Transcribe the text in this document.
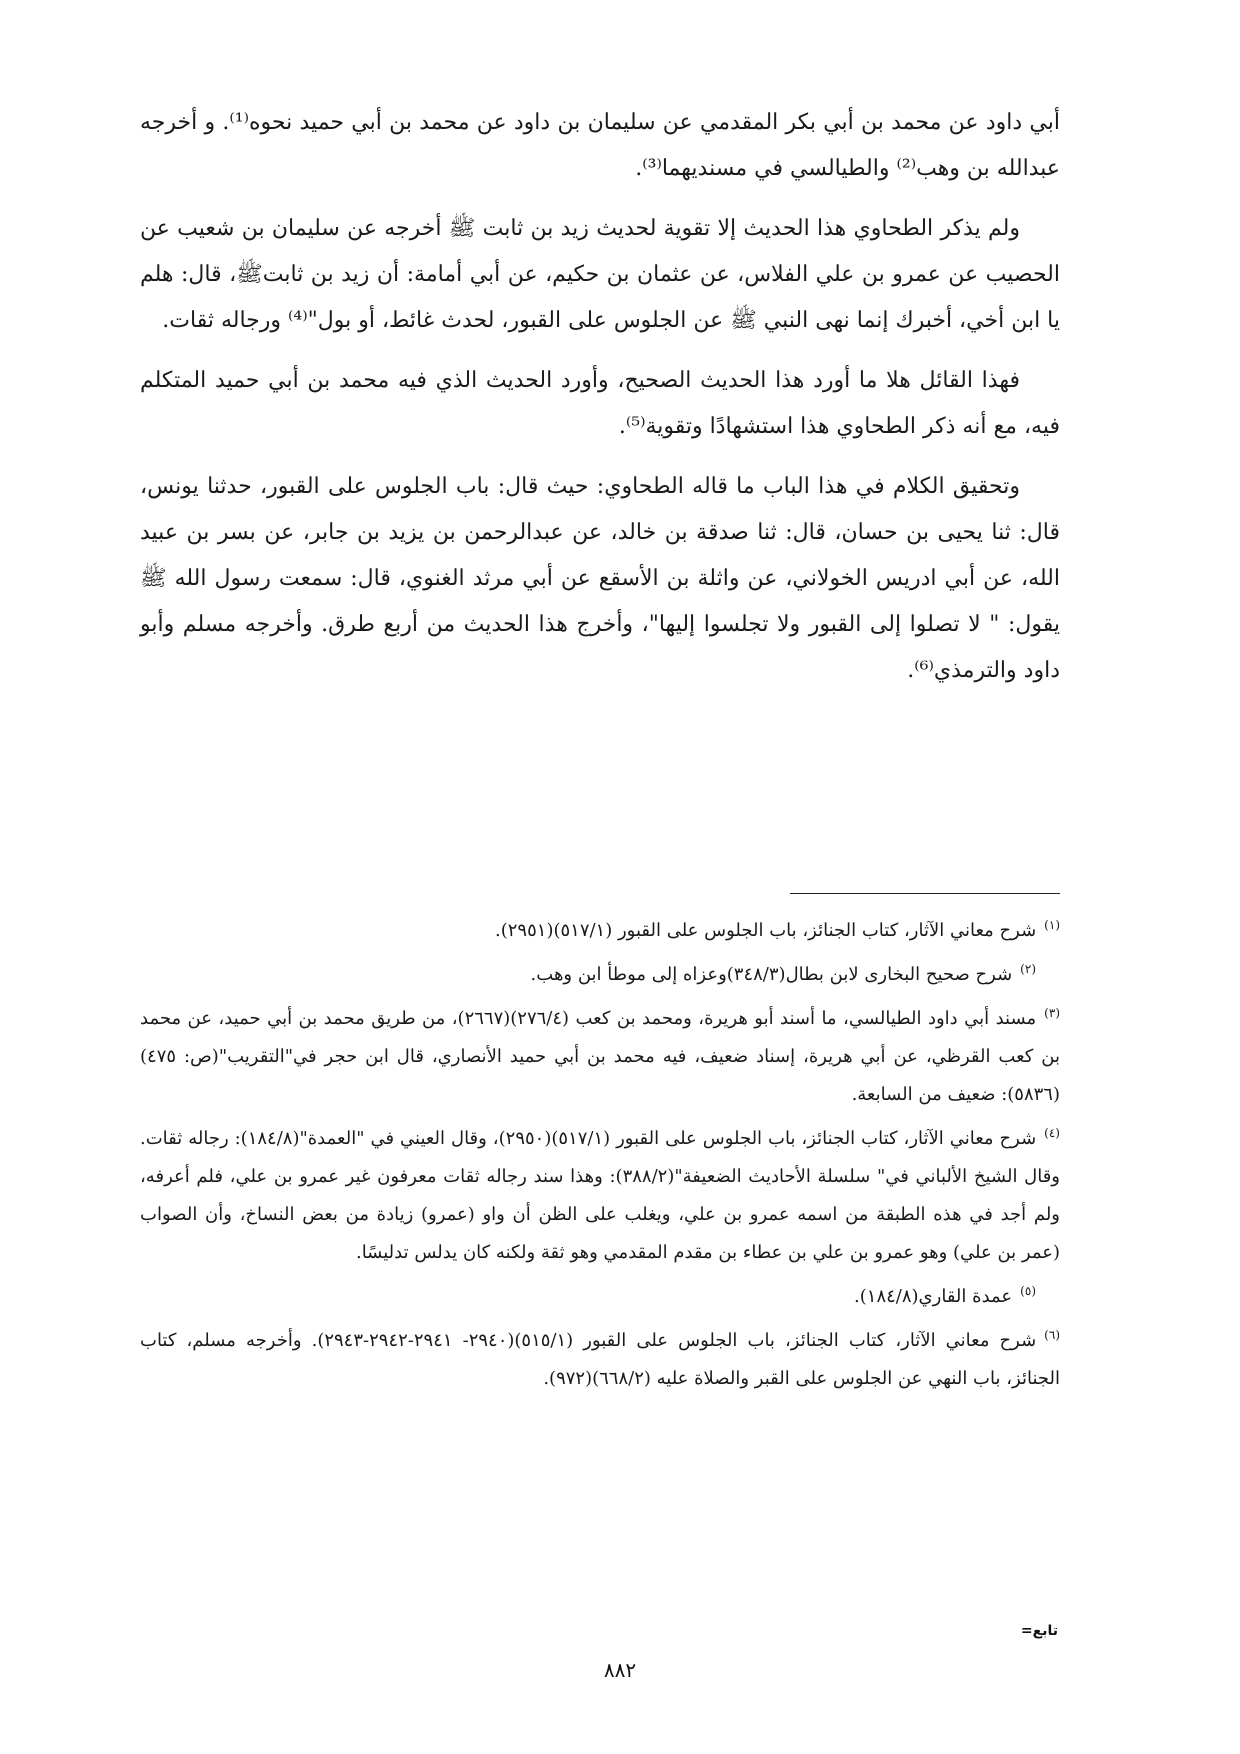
أبي داود عن محمد بن أبي بكر المقدمي عن سليمان بن داود عن محمد بن أبي حميد نحوه⁽¹⁾. و أخرجه عبدالله بن وهب⁽²⁾ والطيالسي في مسنديهما⁽³⁾.

ولم يذكر الطحاوي هذا الحديث إلا تقوية لحديث زيد بن ثابت ﷺ أخرجه عن سليمان بن شعيب عن الحصيب عن عمرو بن علي الفلاس، عن عثمان بن حكيم، عن أبي أمامة: أن زيد بن ثابتﷺ، قال: هلم يا ابن أخي، أخبرك إنما نهى النبي ﷺ عن الجلوس على القبور، لحدث غائط، أو بول"⁽⁴⁾ ورجاله ثقات.

فهذا القائل هلا ما أورد هذا الحديث الصحيح، وأورد الحديث الذي فيه محمد بن أبي حميد المتكلم فيه، مع أنه ذكر الطحاوي هذا استشهادًا وتقوية⁽⁵⁾.

وتحقيق الكلام في هذا الباب ما قاله الطحاوي: حيث قال: باب الجلوس على القبور، حدثنا يونس، قال: ثنا يحيى بن حسان، قال: ثنا صدقة بن خالد، عن عبدالرحمن بن يزيد بن جابر، عن بسر بن عبيد الله، عن أبي ادريس الخولاني، عن واثلة بن الأسقع عن أبي مرثد الغنوي، قال: سمعت رسول الله ﷺ يقول: " لا تصلوا إلى القبور ولا تجلسوا إليها"، وأخرج هذا الحديث من أربع طرق. وأخرجه مسلم وأبو داود والترمذي⁽⁶⁾.

(١)شرح معاني الآثار، كتاب الجنائز، باب الجلوس على القبور (٥١٧/١)(٢٩٥١).
(٢)شرح صحيح البخارى لابن بطال(٣٤٨/٣)وعزاه إلى موطأ ابن وهب.
(٣)مسند أبي داود الطيالسي، ما أسند أبو هريرة، ومحمد بن كعب (٢٧٦/٤)(٢٦٦٧)، من طريق محمد بن أبي حميد، عن محمد بن كعب القرظي، عن أبي هريرة، إسناد ضعيف، فيه محمد بن أبي حميد الأنصاري، قال ابن حجر في"التقريب"(ص: ٤٧٥)(٥٨٣٦): ضعيف من السابعة.
(٤)شرح معاني الآثار، كتاب الجنائز، باب الجلوس على القبور (٥١٧/١)(٢٩٥٠)، وقال العيني في "العمدة"(١٨٤/٨): رجاله ثقات. وقال الشيخ الألباني في" سلسلة الأحاديث الضعيفة"(٣٨٨/٢): وهذا سند رجاله ثقات معرفون غير عمرو بن علي، فلم أعرفه، ولم أجد في هذه الطبقة من اسمه عمرو بن علي، ويغلب على الظن أن واو (عمرو) زيادة من بعض النساخ، وأن الصواب (عمر بن علي) وهو عمرو بن علي بن عطاء بن مقدم المقدمي وهو ثقة ولكنه كان يدلس تدليسًا.
(٥)عمدة القاري(١٨٤/٨).
(٦)شرح معاني الآثار، كتاب الجنائز، باب الجلوس على القبور (٥١٥/١)(٢٩٤٠- ٢٩٤١-٢٩٤٢-٢٩٤٣). وأخرجه مسلم، كتاب الجنائز، باب النهي عن الجلوس على القبر والصلاة عليه (٦٦٨/٢)(٩٧٢).
تابع=
٨٨٢
